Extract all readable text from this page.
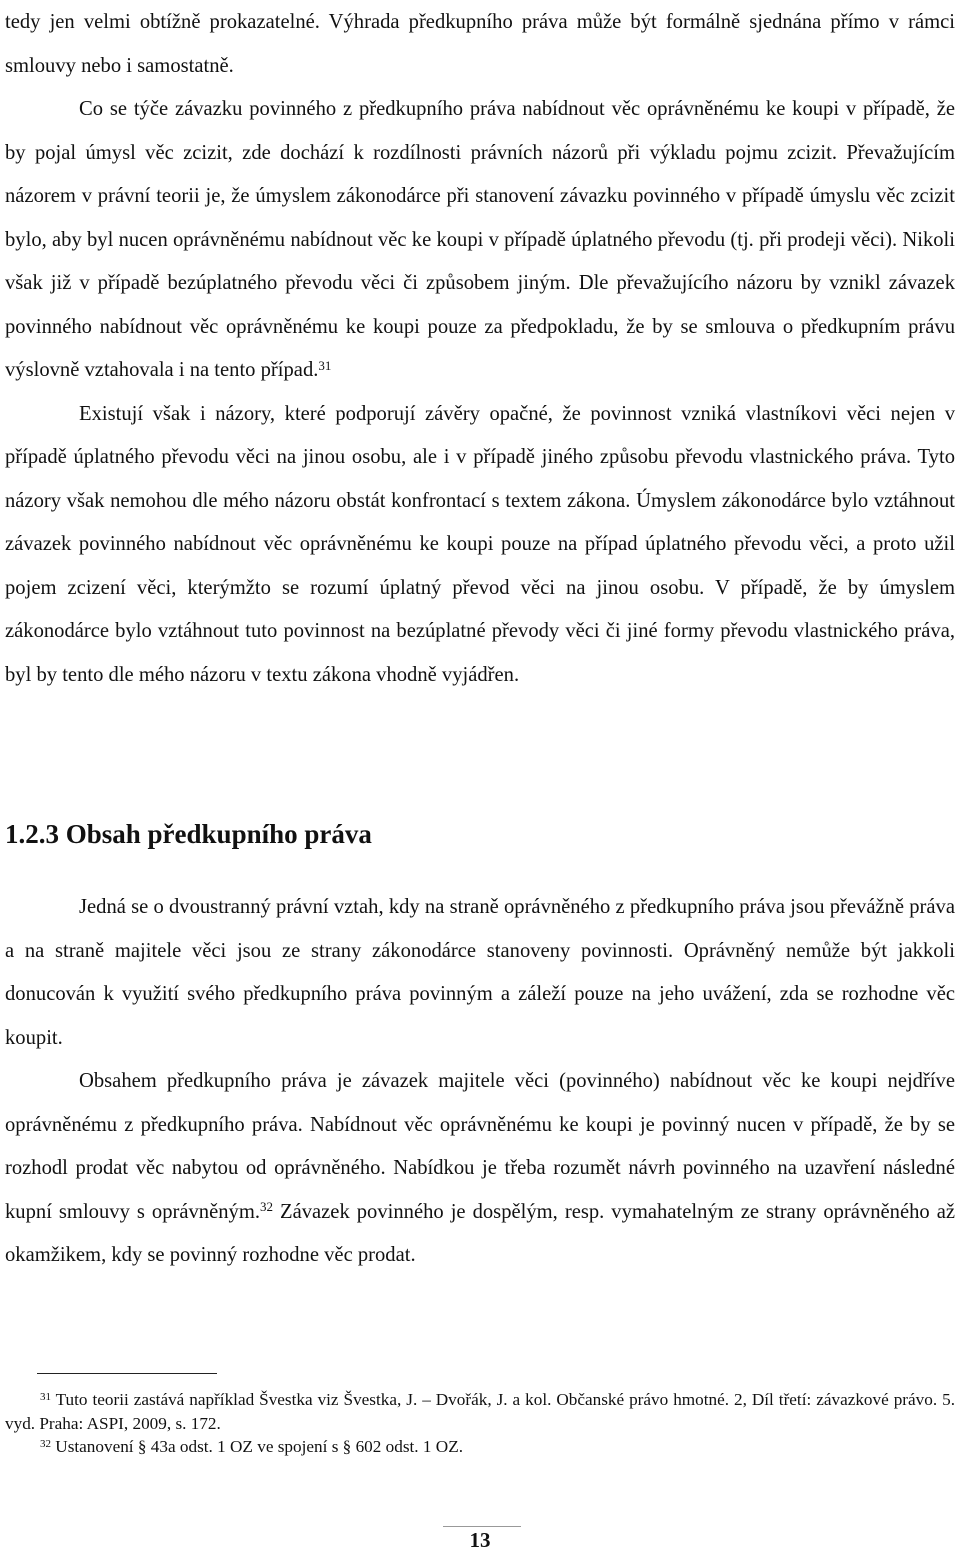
tedy jen velmi obtížně prokazatelné. Výhrada předkupního práva může být formálně sjednána přímo v rámci smlouvy nebo i samostatně.

Co se týče závazku povinného z předkupního práva nabídnout věc oprávněnému ke koupi v případě, že by pojal úmysl věc zcizit, zde dochází k rozdílnosti právních názorů při výkladu pojmu zcizit. Převažujícím názorem v právní teorii je, že úmyslem zákonodárce při stanovení závazku povinného v případě úmyslu věc zcizit bylo, aby byl nucen oprávněnému nabídnout věc ke koupi v případě úplatného převodu (tj. při prodeji věci). Nikoli však již v případě bezúplatného převodu věci či způsobem jiným. Dle převažujícího názoru by vznikl závazek povinného nabídnout věc oprávněnému ke koupi pouze za předpokladu, že by se smlouva o předkupním právu výslovně vztahovala i na tento případ.$^{31}$

Existují však i názory, které podporují závěry opačné, že povinnost vzniká vlastníkovi věci nejen v případě úplatného převodu věci na jinou osobu, ale i v případě jiného způsobu převodu vlastnického práva. Tyto názory však nemohou dle mého názoru obstát konfrontací s textem zákona. Úmyslem zákonodárce bylo vztáhnout závazek povinného nabídnout věc oprávněnému ke koupi pouze na případ úplatného převodu věci, a proto užil pojem zcizení věci, kterýmžto se rozumí úplatný převod věci na jinou osobu. V případě, že by úmyslem zákonodárce bylo vztáhnout tuto povinnost na bezúplatné převody věci či jiné formy převodu vlastnického práva, byl by tento dle mého názoru v textu zákona vhodně vyjádřen.

1.2.3 Obsah předkupního práva

Jedná se o dvoustranný právní vztah, kdy na straně oprávněného z předkupního práva jsou převážně práva a na straně majitele věci jsou ze strany zákonodárce stanoveny povinnosti. Oprávněný nemůže být jakkoli donucován k využití svého předkupního práva povinným a záleží pouze na jeho uvážení, zda se rozhodne věc koupit.

Obsahem předkupního práva je závazek majitele věci (povinného) nabídnout věc ke koupi nejdříve oprávněnému z předkupního práva. Nabídnout věc oprávněnému ke koupi je povinný nucen v případě, že by se rozhodl prodat věc nabytou od oprávněného. Nabídkou je třeba rozumět návrh povinného na uzavření následné kupní smlouvy s oprávněným.$^{32}$ Závazek povinného je dospělým, resp. vymahatelným ze strany oprávněného až okamžikem, kdy se povinný rozhodne věc prodat.

$^{31}$ Tuto teorii zastává například Švestka viz Švestka, J. – Dvořák, J. a kol. Občanské právo hmotné. 2, Díl třetí: závazkové právo. 5. vyd. Praha: ASPI, 2009, s. 172.

$^{32}$ Ustanovení § 43a odst. 1 OZ ve spojení s § 602 odst. 1 OZ.

13
